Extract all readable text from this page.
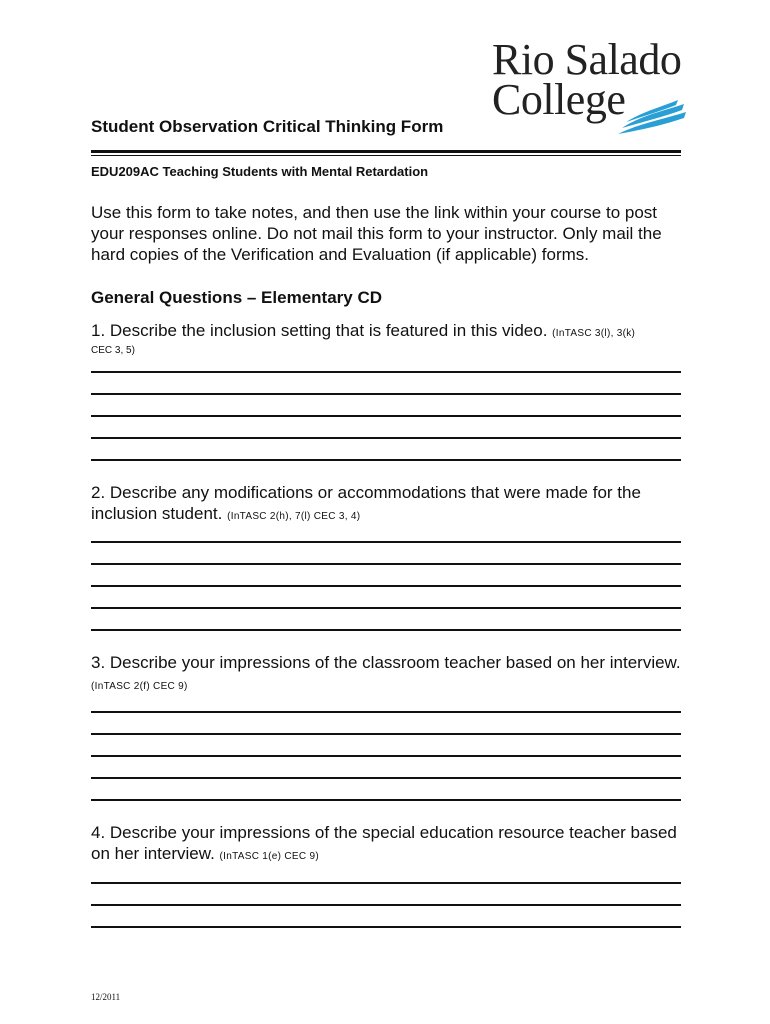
Rio Salado
College
Student Observation Critical Thinking Form
EDU209AC Teaching Students with Mental Retardation
Use this form to take notes, and then use the link within your course to post your responses online. Do not mail this form to your instructor. Only mail the hard copies of the Verification and Evaluation (if applicable) forms.
General Questions – Elementary CD
1. Describe the inclusion setting that is featured in this video. (InTASC 3(l), 3(k)
CEC 3, 5)
2. Describe any modifications or accommodations that were made for the inclusion student. (InTASC 2(h), 7(l) CEC 3, 4)
3. Describe your impressions of the classroom teacher based on her interview. (InTASC 2(f) CEC 9)
4. Describe your impressions of the special education resource teacher based on her interview. (InTASC 1(e) CEC 9)
12/2011
